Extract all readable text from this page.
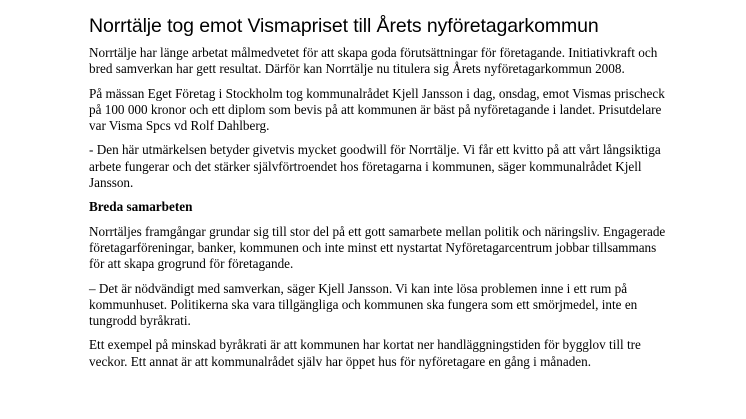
Norrtälje tog emot Vismapriset till Årets nyföretagarkommun

Norrtälje har länge arbetat målmedvetet för att skapa goda förutsättningar för företagande. Initiativkraft och bred samverkan har gett resultat. Därför kan Norrtälje nu titulera sig Årets nyföretagarkommun 2008.

På mässan Eget Företag i Stockholm tog kommunalrådet Kjell Jansson i dag, onsdag, emot Vismas prischeck på 100 000 kronor och ett diplom som bevis på att kommunen är bäst på nyföretagande i landet. Prisutdelare var Visma Spcs vd Rolf Dahlberg.

- Den här utmärkelsen betyder givetvis mycket goodwill för Norrtälje. Vi får ett kvitto på att vårt långsiktiga arbete fungerar och det stärker självförtroendet hos företagarna i kommunen, säger kommunalrådet Kjell Jansson.

Breda samarbeten

Norrtäljes framgångar grundar sig till stor del på ett gott samarbete mellan politik och näringsliv. Engagerade företagarföreningar, banker, kommunen och inte minst ett nystartat Nyföretagarcentrum jobbar tillsammans för att skapa grogrund för företagande.

– Det är nödvändigt med samverkan, säger Kjell Jansson. Vi kan inte lösa problemen inne i ett rum på kommunhuset. Politikerna ska vara tillgängliga och kommunen ska fungera som ett smörjmedel, inte en tungrodd byråkrati.

Ett exempel på minskad byråkrati är att kommunen har kortat ner handläggningstiden för bygglov till tre veckor. Ett annat är att kommunalrådet själv har öppet hus för nyföretagare en gång i månaden.
